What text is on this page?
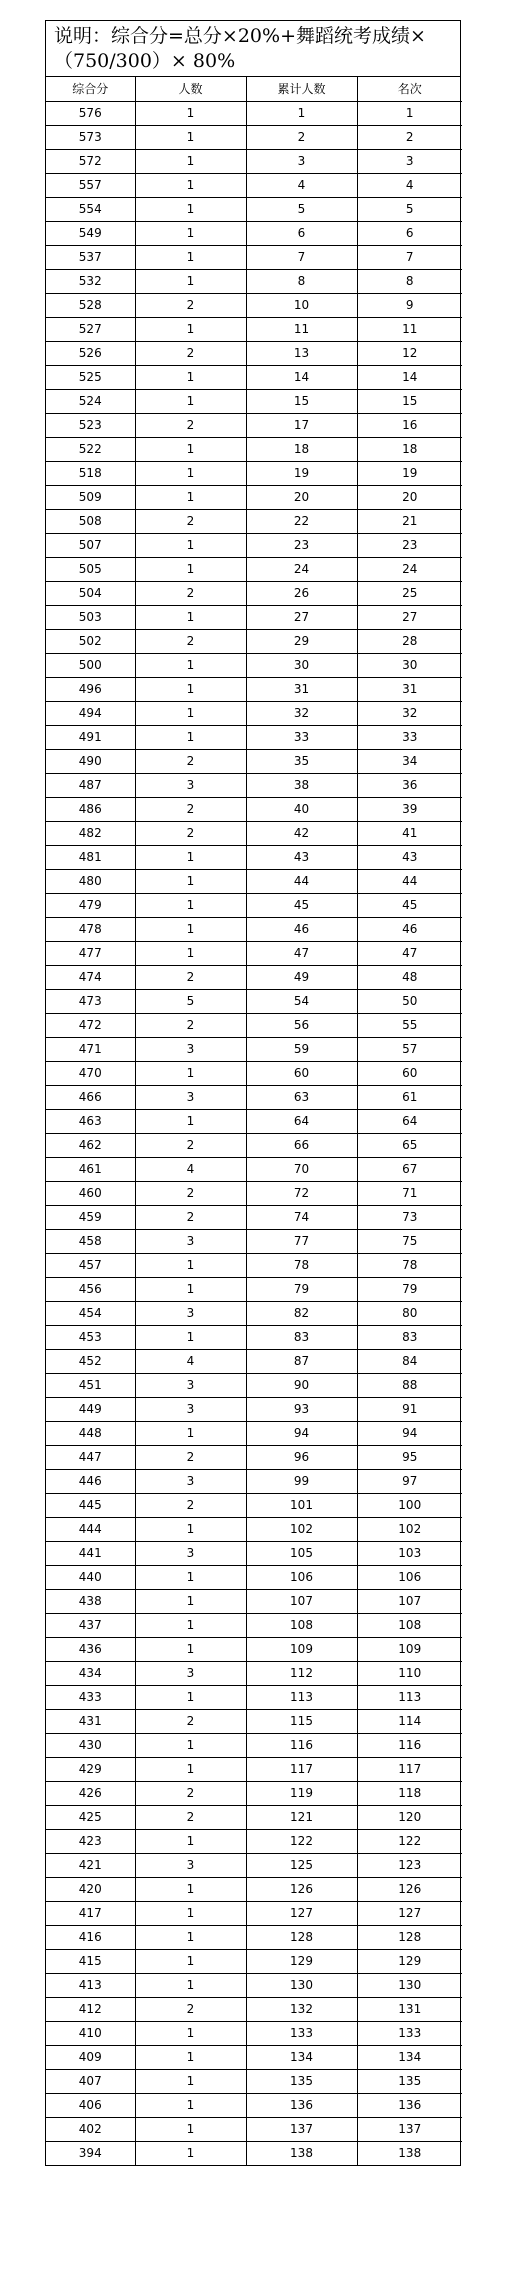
说明：综合分=总分×20%+舞蹈统考成绩×（750/300）× 80%
综合分	人数	累计人数	名次
576	1	1	1
573	1	2	2
572	1	3	3
557	1	4	4
554	1	5	5
549	1	6	6
537	1	7	7
532	1	8	8
528	2	10	9
527	1	11	11
526	2	13	12
525	1	14	14
524	1	15	15
523	2	17	16
522	1	18	18
518	1	19	19
509	1	20	20
508	2	22	21
507	1	23	23
505	1	24	24
504	2	26	25
503	1	27	27
502	2	29	28
500	1	30	30
496	1	31	31
494	1	32	32
491	1	33	33
490	2	35	34
487	3	38	36
486	2	40	39
482	2	42	41
481	1	43	43
480	1	44	44
479	1	45	45
478	1	46	46
477	1	47	47
474	2	49	48
473	5	54	50
472	2	56	55
471	3	59	57
470	1	60	60
466	3	63	61
463	1	64	64
462	2	66	65
461	4	70	67
460	2	72	71
459	2	74	73
458	3	77	75
457	1	78	78
456	1	79	79
454	3	82	80
453	1	83	83
452	4	87	84
451	3	90	88
449	3	93	91
448	1	94	94
447	2	96	95
446	3	99	97
445	2	101	100
444	1	102	102
441	3	105	103
440	1	106	106
438	1	107	107
437	1	108	108
436	1	109	109
434	3	112	110
433	1	113	113
431	2	115	114
430	1	116	116
429	1	117	117
426	2	119	118
425	2	121	120
423	1	122	122
421	3	125	123
420	1	126	126
417	1	127	127
416	1	128	128
415	1	129	129
413	1	130	130
412	2	132	131
410	1	133	133
409	1	134	134
407	1	135	135
406	1	136	136
402	1	137	137
394	1	138	138
